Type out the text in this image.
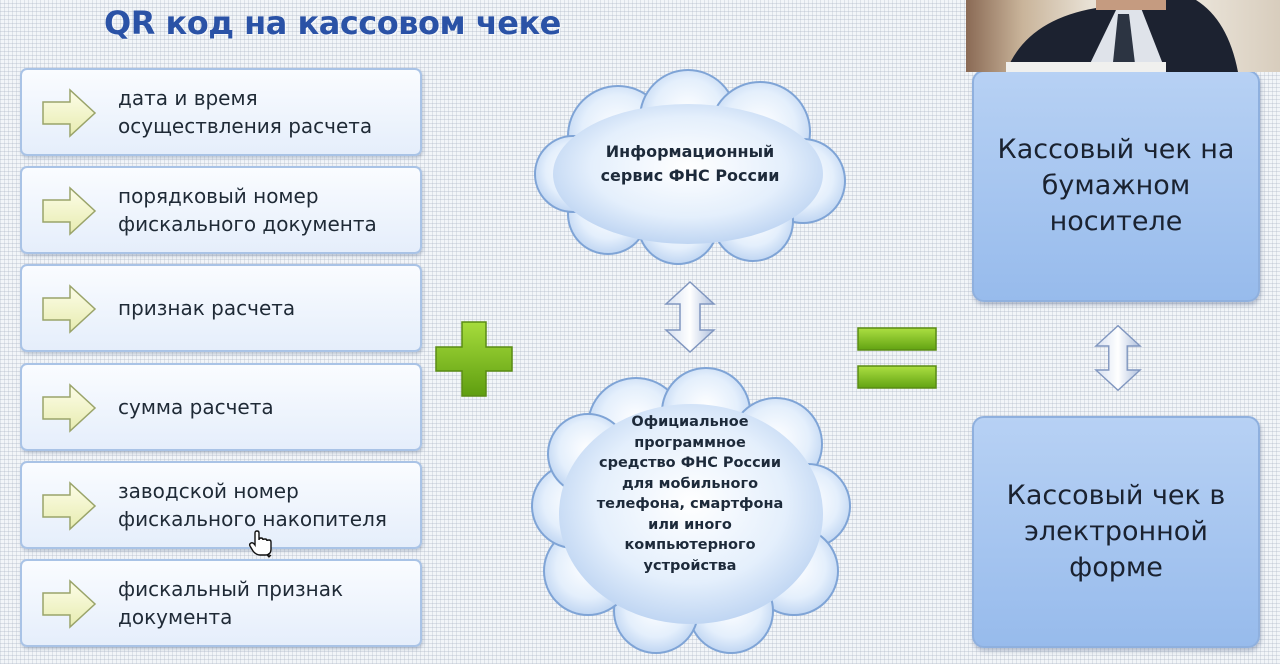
QR код на кассовом чеке
дата и время
осуществления расчета
порядковый номер
фискального документа
признак расчета
сумма расчета
заводской номер
фискального накопителя
фискальный признак
документа
Информационный
сервис ФНС России
Официальное
программное
средство ФНС России
для мобильного
телефона, смартфона
или иного
компьютерного
устройства
Кассовый чек на
бумажном
носителе
Кассовый чек в
электронной
форме
